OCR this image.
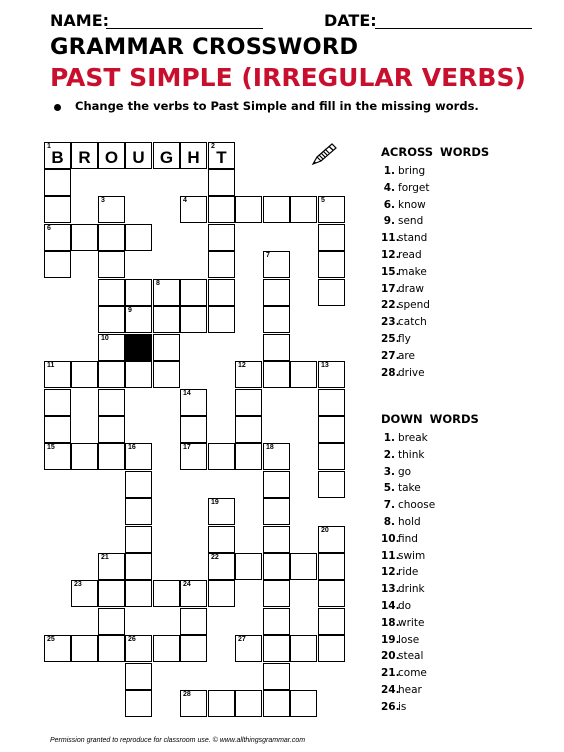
NAME:	DATE:
GRAMMAR CROSSWORD
PAST SIMPLE (IRREGULAR VERBS)
Change the verbs to Past Simple and fill in the missing words.
B R O U G H T
1	2
3	4	5
6
7
8
9
10
11	12	13
14
15	16	17	18
19
20
21	22
23	24
25	26	27
28
ACROSS WORDS
1. bring
4. forget
6. know
9. send
11.stand
12.read
15.make
17.draw
22.spend
23.catch
25.fly
27.are
28.drive
DOWN WORDS
1. break
2. think
3. go
5. take
7. choose
8. hold
10.find
11.swim
12.ride
13.drink
14.do
18.write
19.lose
20.steal
21.come
24.hear
26.is
Permission granted to reproduce for classroom use. © www.allthingsgrammar.com
